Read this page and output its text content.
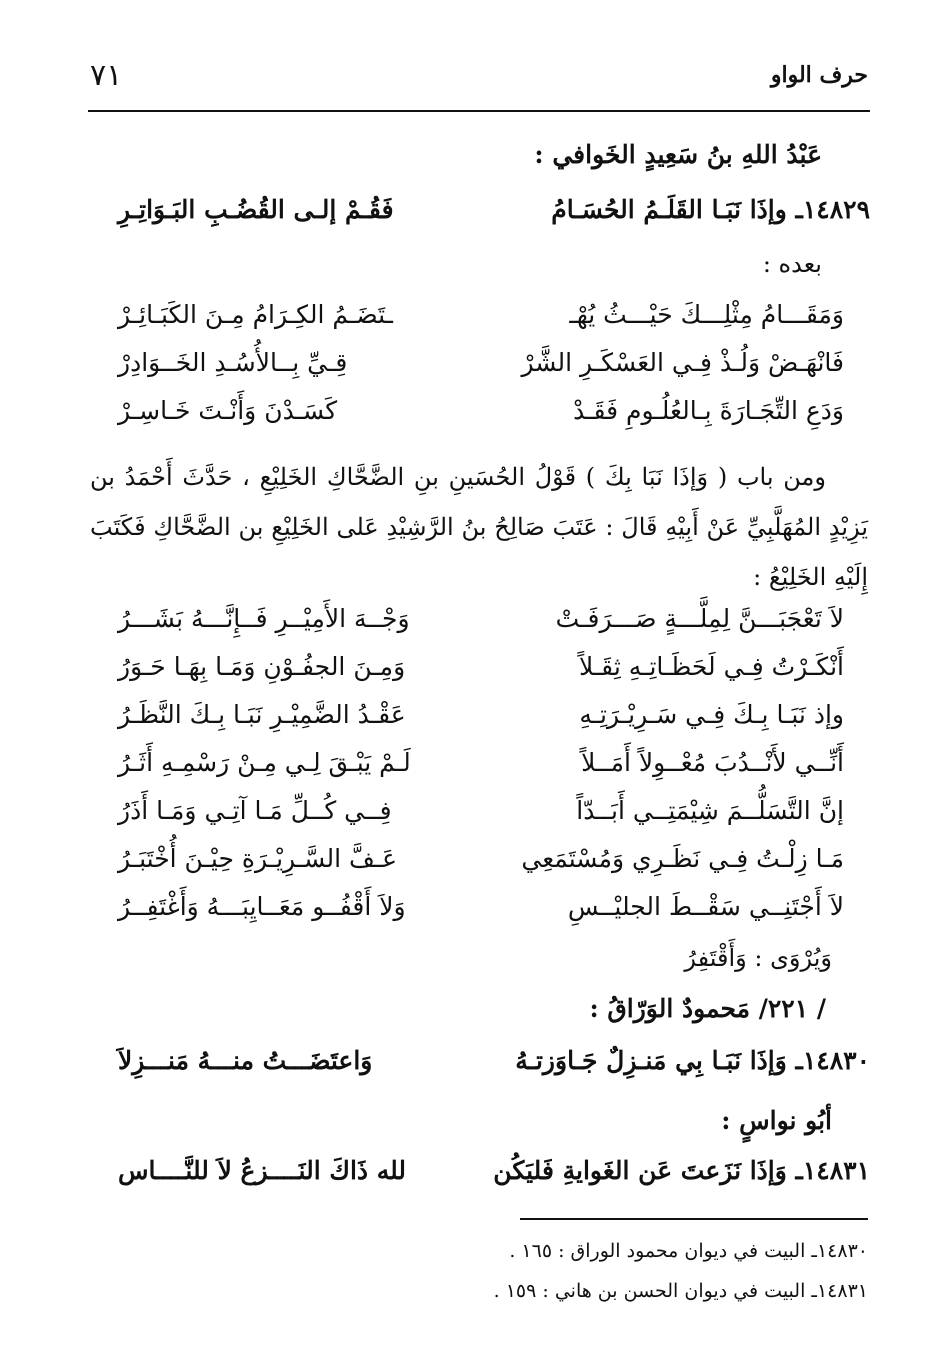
حرف الواو
٧١
عَبْدُ اللهِ بنُ سَعِيدٍ الخَوافي :
١٤٨٢٩ـ وإذَا نَبَـا القَلَـمُ الحُسَـامُ
فَقُـمْ إلـى القُضُـبِ البَـوَاتِـرِ
بعده :
وَمَقَـــامُ مِثْلِـــكَ حَيْـــثُ يُهْـ
ـتَضَـمُ الكِـرَامُ مِـنَ الكَبَـائِـرْ
فَانْهَـضْ وَلُـذْ فِـي العَسْكَـرِ الشَّرْ
قِـيِّ بِــالأُسُـدِ الخَــوَادِرْ
وَدَعِ التِّجَـارَةَ بِـالعُلُـومِ فَقَـدْ
كَسَـدْنَ وَأَنْـتَ خَـاسِـرْ
ومن باب ( وَإذَا نَبَا بِكَ ) قَوْلُ الحُسَينِ بنِ الضَّحَّاكِ الخَلِيْعِ ، حَدَّثَ أَحْمَدُ بن يَزِيْدٍ المُهَلَّبِيِّ عَنْ أَبِيْهِ قَالَ : عَتَبَ صَالِحُ بنُ الرَّشِيْدِ عَلى الخَلِيْعِ بن الضَّحَّاكِ فَكَتَبَ إِلَيْهِ الخَلِيْعُ :
لاَ تَعْجَبَـــنَّ لِمِلَّـــةٍ صَـــرَفَـتْ
وَجْــهَ الأَمِيْــرِ فَــإِنَّـــهُ بَشَـــرُ
أَنْكَـرْتُ فِـي لَحَظَـاتِـهِ ثِقَـلاً
وَمِـنَ الجفُـوْنِ وَمَـا بِهَـا حَـوَرُ
وإذ نَبَـا بِـكَ فِـي سَـرِيْـرَتِـهِ
عَقْـدُ الضَّمِيْـرِ نَبَـا بِـكَ النَّظَـرُ
أَنِّــي لأَنْــدُبَ مُعْــوِلاً أَمَــلاً
لَـمْ يَبْـقَ لِـي مِـنْ رَسْمِـهِ أَثَـرُ
إنَّ التَّسَلُّــمَ شِيْمَتِــي أَبَــدّاً
فِــي كُــلِّ مَـا آتِـي وَمَـا أَذَرُ
مَـا زِلْـتُ فِـي نَظَـرِي وَمُسْتَمَعِي
عَـفَّ السَّـرِيْـرَةِ حِيْـنَ أُخْتَبَـرُ
لاَ أَجْتَنِــي سَقْــطَ الجليْــسِ
وَلاَ أَقْفُــو مَعَــايِبَـــهُ وَأَغْتَفِــرُ
وَيُرْوَى : وَأَقْتَفِرُ
/ ٢٢١/ مَحمودٌ الوَرّاقُ :
١٤٨٣٠ـ وَإذَا نَبَـا بِي مَنـزِلٌ جَـاوَزتـهُ
وَاعتَضَـــتُ منـــهُ مَنـــزِلاَ
أبُو نواسٍ :
١٤٨٣١ـ وَإذَا نَزَعتَ عَن الغَوايةِ فَليَكُن
لله ذَاكَ النَــــزعُ لاَ للنَّــــاس
١٤٨٣٠ـ البيت في ديوان محمود الوراق : ١٦٥ .
١٤٨٣١ـ البيت في ديوان الحسن بن هاني : ١٥٩ .
